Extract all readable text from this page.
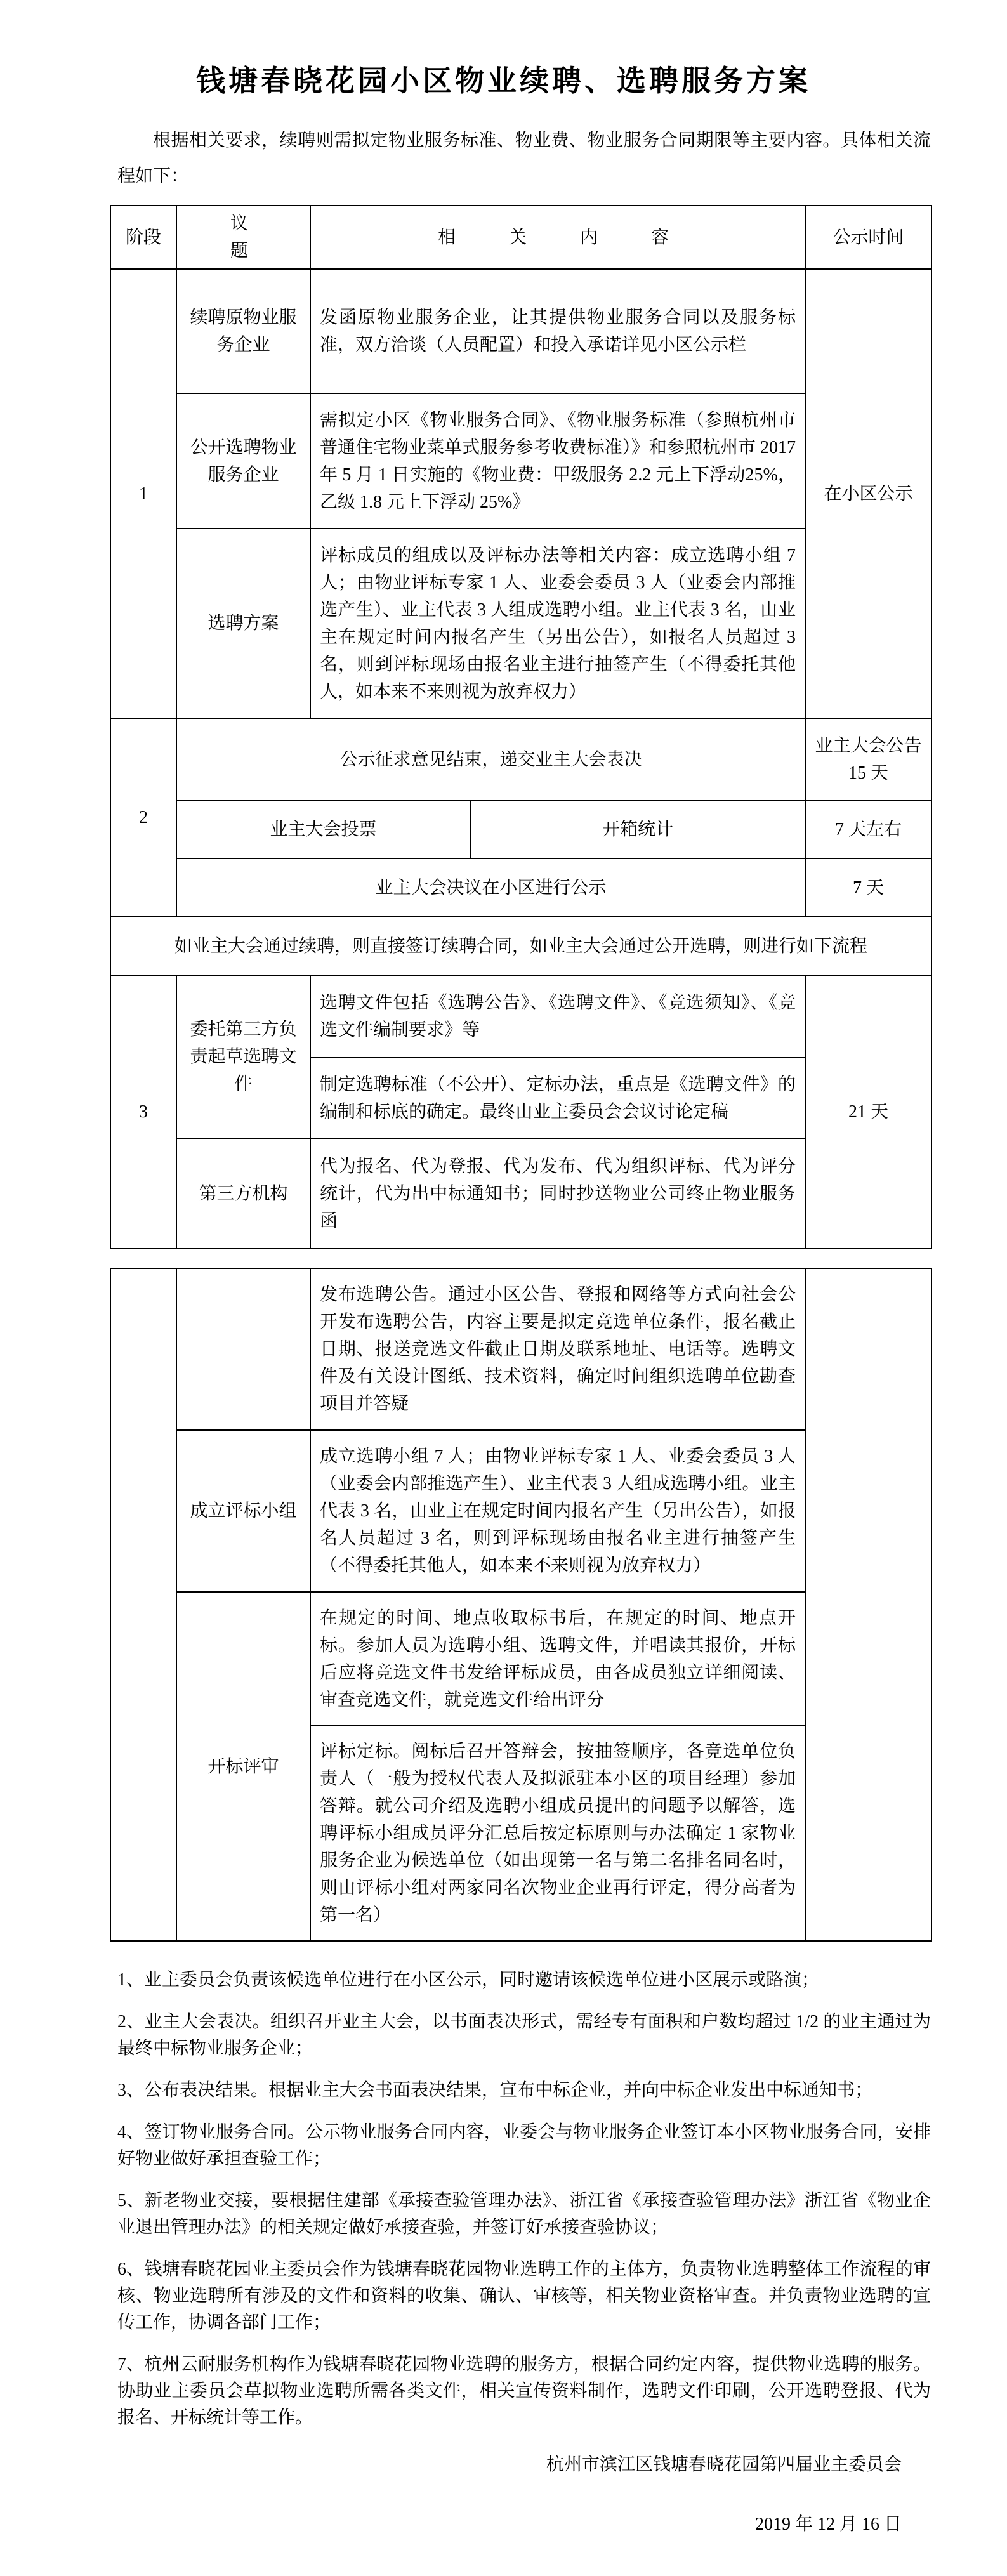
钱塘春晓花园小区物业续聘、选聘服务方案

根据相关要求，续聘则需拟定物业服务标准、物业费、物业服务合同期限等主要内容。具体相关流程如下：

阶段	议题	相关内容		公示时间
1	续聘原物业服务企业	发函原物业服务企业，让其提供物业服务合同以及服务标准，双方洽谈（人员配置）和投入承诺详见小区公示栏		在小区公示
	公开选聘物业服务企业	需拟定小区《物业服务合同》、《物业服务标准（参照杭州市普通住宅物业菜单式服务参考收费标准）》和参照杭州市 2017 年 5 月 1 日实施的《物业费：甲级服务 2.2 元上下浮动25%，乙级 1.8 元上下浮动 25%》		
	选聘方案	评标成员的组成以及评标办法等相关内容：成立选聘小组 7 人；由物业评标专家 1 人、业委会委员 3 人（业委会内部推选产生）、业主代表 3 人组成选聘小组。业主代表 3 名，由业主在规定时间内报名产生（另出公告），如报名人员超过 3 名，则到评标现场由报名业主进行抽签产生（不得委托其他人，如本来不来则视为放弃权力）		
2	公示征求意见结束，递交业主大会表决			业主大会公告 15 天
	业主大会投票		开箱统计	7 天左右
	业主大会决议在小区进行公示			7 天
如业主大会通过续聘，则直接签订续聘合同，如业主大会通过公开选聘，则进行如下流程				
3	委托第三方负责起草选聘文件	选聘文件包括《选聘公告》、《选聘文件》、《竞选须知》、《竞选文件编制要求》等		21 天
		制定选聘标准（不公开）、定标办法，重点是《选聘文件》的编制和标底的确定。最终由业主委员会会议讨论定稿		
	第三方机构	代为报名、代为登报、代为发布、代为组织评标、代为评分统计，代为出中标通知书；同时抄送物业公司终止物业服务函		
		发布选聘公告。通过小区公告、登报和网络等方式向社会公开发布选聘公告，内容主要是拟定竞选单位条件，报名截止日期、报送竞选文件截止日期及联系地址、电话等。选聘文件及有关设计图纸、技术资料，确定时间组织选聘单位勘查项目并答疑	
	成立评标小组	成立选聘小组 7 人；由物业评标专家 1 人、业委会委员 3 人（业委会内部推选产生）、业主代表 3 人组成选聘小组。业主代表 3 名，由业主在规定时间内报名产生（另出公告），如报名人员超过 3 名，则到评标现场由报名业主进行抽签产生（不得委托其他人，如本来不来则视为放弃权力）	
	开标评审	在规定的时间、地点收取标书后，在规定的时间、地点开标。参加人员为选聘小组、选聘文件，并唱读其报价，开标后应将竞选文件书发给评标成员，由各成员独立详细阅读、审查竞选文件，就竞选文件给出评分	
		评标定标。阅标后召开答辩会，按抽签顺序，各竞选单位负责人（一般为授权代表人及拟派驻本小区的项目经理）参加答辩。就公司介绍及选聘小组成员提出的问题予以解答，选聘评标小组成员评分汇总后按定标原则与办法确定 1 家物业服务企业为候选单位（如出现第一名与第二名排名同名时，则由评标小组对两家同名次物业企业再行评定，得分高者为第一名）	

1、业主委员会负责该候选单位进行在小区公示，同时邀请该候选单位进小区展示或路演；

2、业主大会表决。组织召开业主大会，以书面表决形式，需经专有面积和户数均超过 1/2 的业主通过为最终中标物业服务企业；

3、公布表决结果。根据业主大会书面表决结果，宣布中标企业，并向中标企业发出中标通知书；

4、签订物业服务合同。公示物业服务合同内容，业委会与物业服务企业签订本小区物业服务合同，安排好物业做好承担查验工作；

5、新老物业交接，要根据住建部《承接查验管理办法》、浙江省《承接查验管理办法》浙江省《物业企业退出管理办法》的相关规定做好承接查验，并签订好承接查验协议；

6、钱塘春晓花园业主委员会作为钱塘春晓花园物业选聘工作的主体方，负责物业选聘整体工作流程的审核、物业选聘所有涉及的文件和资料的收集、确认、审核等，相关物业资格审查。并负责物业选聘的宣传工作，协调各部门工作；

7、杭州云耐服务机构作为钱塘春晓花园物业选聘的服务方，根据合同约定内容，提供物业选聘的服务。协助业主委员会草拟物业选聘所需各类文件，相关宣传资料制作，选聘文件印刷，公开选聘登报、代为报名、开标统计等工作。

杭州市滨江区钱塘春晓花园第四届业主委员会
2019 年 12 月 16 日
